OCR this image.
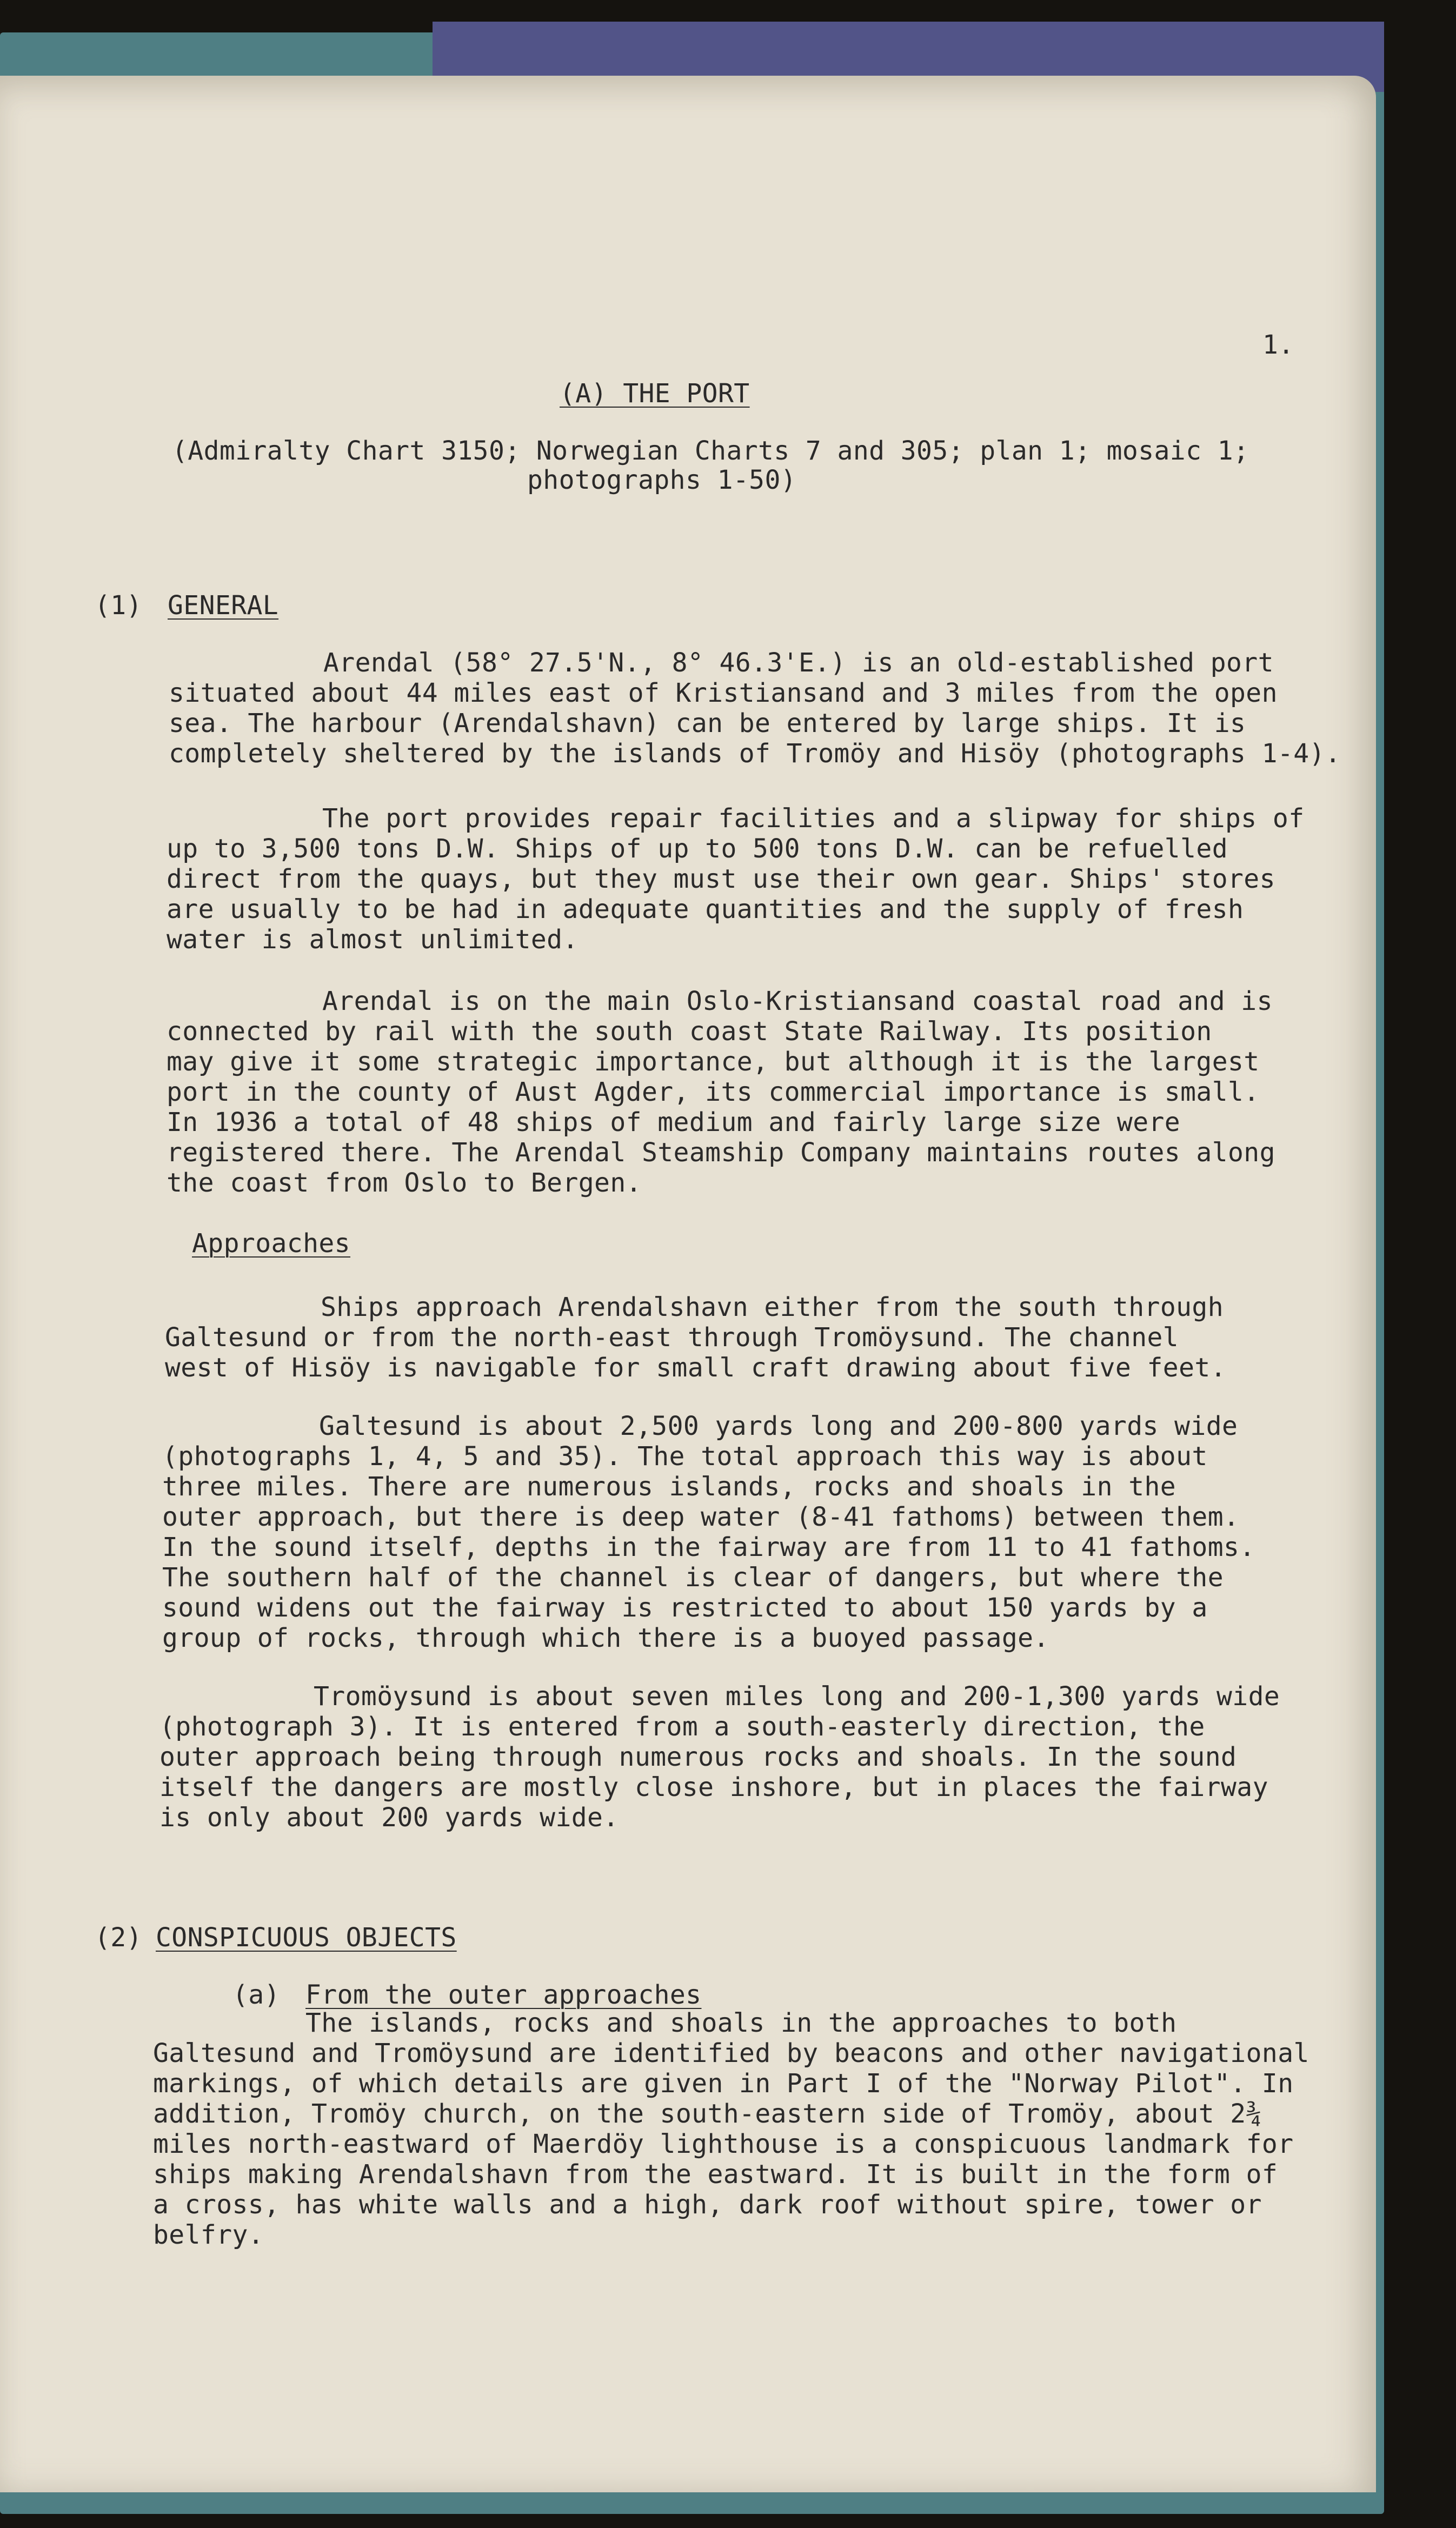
1.

(A) THE PORT

(Admiralty Chart 3150; Norwegian Charts 7 and 305; plan 1; mosaic 1;

photographs 1-50)

(1) GENERAL

Arendal (58° 27.5'N., 8° 46.3'E.) is an old-established port

situated about 44 miles east of Kristiansand and 3 miles from the open

sea. The harbour (Arendalshavn) can be entered by large ships. It is

completely sheltered by the islands of Tromöy and Hisöy (photographs 1-4).

The port provides repair facilities and a slipway for ships of

up to 3,500 tons D.W. Ships of up to 500 tons D.W. can be refuelled

direct from the quays, but they must use their own gear. Ships' stores

are usually to be had in adequate quantities and the supply of fresh

water is almost unlimited.

Arendal is on the main Oslo-Kristiansand coastal road and is

connected by rail with the south coast State Railway. Its position

may give it some strategic importance, but although it is the largest

port in the county of Aust Agder, its commercial importance is small.

In 1936 a total of 48 ships of medium and fairly large size were

registered there. The Arendal Steamship Company maintains routes along

the coast from Oslo to Bergen.

Approaches

Ships approach Arendalshavn either from the south through

Galtesund or from the north-east through Tromöysund. The channel

west of Hisöy is navigable for small craft drawing about five feet.

Galtesund is about 2,500 yards long and 200-800 yards wide

(photographs 1, 4, 5 and 35). The total approach this way is about

three miles. There are numerous islands, rocks and shoals in the

outer approach, but there is deep water (8-41 fathoms) between them.

In the sound itself, depths in the fairway are from 11 to 41 fathoms.

The southern half of the channel is clear of dangers, but where the

sound widens out the fairway is restricted to about 150 yards by a

group of rocks, through which there is a buoyed passage.

Tromöysund is about seven miles long and 200-1,300 yards wide

(photograph 3). It is entered from a south-easterly direction, the

outer approach being through numerous rocks and shoals. In the sound

itself the dangers are mostly close inshore, but in places the fairway

is only about 200 yards wide.

(2) CONSPICUOUS OBJECTS

(a) From the outer approaches

The islands, rocks and shoals in the approaches to both

Galtesund and Tromöysund are identified by beacons and other navigational

markings, of which details are given in Part I of the "Norway Pilot". In

addition, Tromöy church, on the south-eastern side of Tromöy, about 2¾

miles north-eastward of Maerdöy lighthouse is a conspicuous landmark for

ships making Arendalshavn from the eastward. It is built in the form of

a cross, has white walls and a high, dark roof without spire, tower or

belfry.
